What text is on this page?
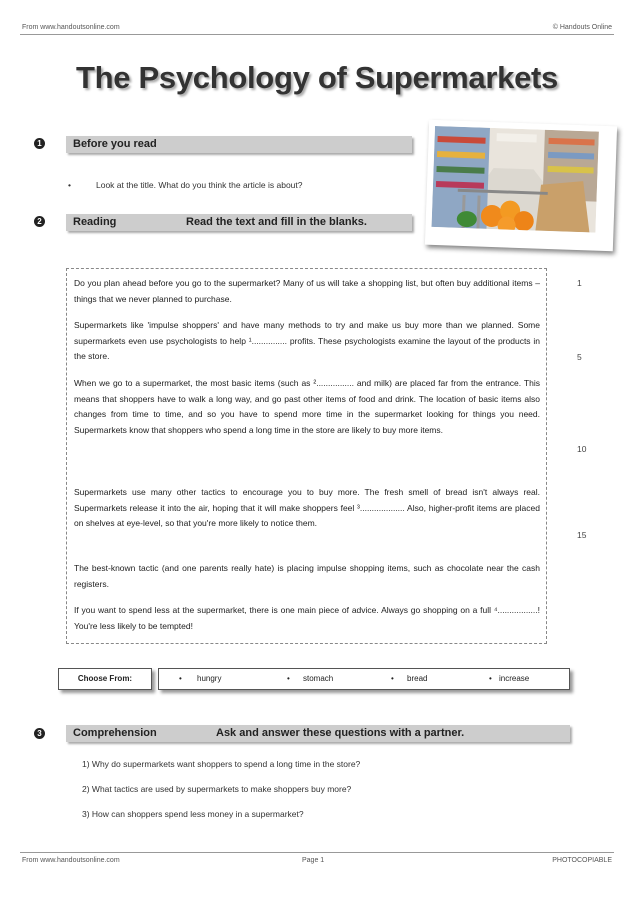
From www.handoutsonline.com	© Handouts Online
The Psychology of Supermarkets
1	Before you read
•	Look at the title. What do you think the article is about?
2	Reading	Read the text and fill in the blanks.
Do you plan ahead before you go to the supermarket? Many of us will take a shopping list, but often buy additional items – things that we never planned to purchase.
Supermarkets like 'impulse shoppers' and have many methods to try and make us buy more than we planned. Some supermarkets even use psychologists to help ¹............... profits. These psychologists examine the layout of the products in the store.
When we go to a supermarket, the most basic items (such as ²................ and milk) are placed far from the entrance. This means that shoppers have to walk a long way, and go past other items of food and drink. The location of basic items also changes from time to time, and so you have to spend more time in the supermarket looking for things you need. Supermarkets know that shoppers who spend a long time in the store are likely to buy more items.
Supermarkets use many other tactics to encourage you to buy more. The fresh smell of bread isn't always real. Supermarkets release it into the air, hoping that it will make shoppers feel ³................... Also, higher-profit items are placed on shelves at eye-level, so that you're more likely to notice them.
The best-known tactic (and one parents really hate) is placing impulse shopping items, such as chocolate near the cash registers.
If you want to spend less at the supermarket, there is one main piece of advice. Always go shopping on a full ⁴.................! You're less likely to be tempted!
1
5
10
15
Choose From:	• hungry	• stomach	• bread	• increase
3	Comprehension	Ask and answer these questions with a partner.
1) Why do supermarkets want shoppers to spend a long time in the store?
2) What tactics are used by supermarkets to make shoppers buy more?
3) How can shoppers spend less money in a supermarket?
From www.handoutsonline.com	Page 1	PHOTOCOPIABLE
